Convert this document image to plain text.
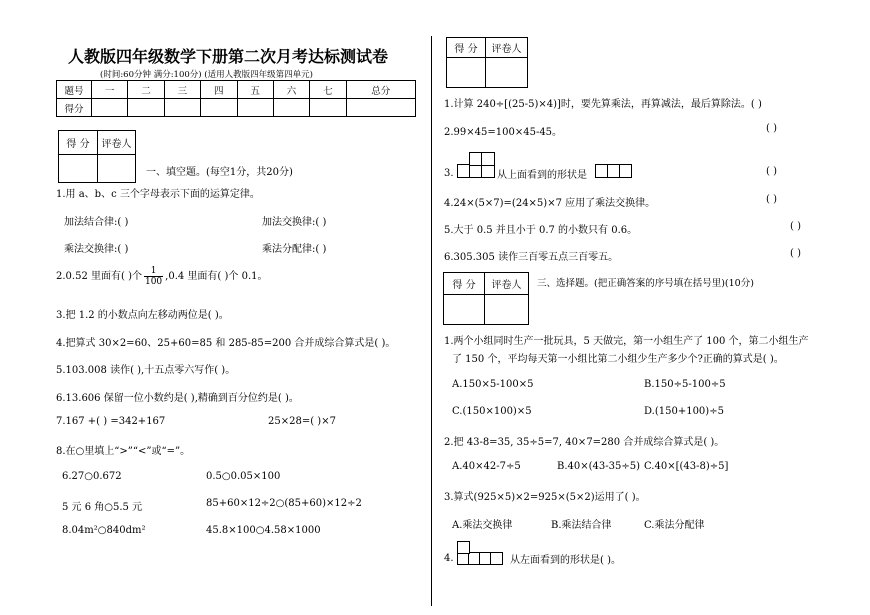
人教版四年级数学下册第二次月考达标测试卷
(时间:60分钟 满分:100分) (适用人教版四年级第四单元)
题号	一	二	三	四	五	六	七	总分
得分								
得 分	评卷人

一、填空题。(每空1分，共20分)
1.用 a、b、c 三个字母表示下面的运算定律。
加法结合律:( )	加法交换律:( )
乘法交换律:( )	乘法分配律:( )
2.0.52 里面有( )个 $\frac{1}{100} ,0.4$ 里面有( )个 0.1。
3.把 1.2 的小数点向左移动两位是( )。
4.把算式 30×2=60、25+60=85 和 285-85=200 合并成综合算式是( )。
5.103.008 读作( ),十五点零六写作( )。
6.13.606 保留一位小数约是( ),精确到百分位约是( )。
7.167 +( ) =342+167	25×28=( )×7
8.在○里填上“>”“<”或“=”。
6.27○0.672	0.5○0.05×100
5 元 6 角○5.5 元	85+60×12÷2○(85+60)×12÷2
8.04m²○840dm²	45.8×100○4.58×1000
得 分	评卷人

1.计算 240÷[(25-5)×4)]时，要先算乘法，再算减法，最后算除法。( )
2.99×45=100×45-45。	( )
3.	从上面看到的形状是	( )
4.24×(5×7)=(24×5)×7 应用了乘法交换律。	( )
5.大于 0.5 并且小于 0.7 的小数只有 0.6。	( )
6.305.305 读作三百零五点三百零五。	( )
得 分	评卷人
	三、选择题。(把正确答案的序号填在括号里)(10分)
1.两个小组同时生产一批玩具，5 天做完，第一小组生产了 100 个，第二小组生产
了 150 个，平均每天第一小组比第二小组少生产多少个?正确的算式是( )。
A.150×5-100×5	B.150÷5-100÷5
C.(150×100)×5	D.(150+100)÷5
2.把 43-8=35, 35÷5=7, 40×7=280 合并成综合算式是( )。
A.40×42-7÷5	B.40×(43-35÷5) C.40×[(43-8)÷5]
3.算式(925×5)×2=925×(5×2)运用了( )。
A.乘法交换律	B.乘法结合律	C.乘法分配律
4.	从左面看到的形状是( )。
